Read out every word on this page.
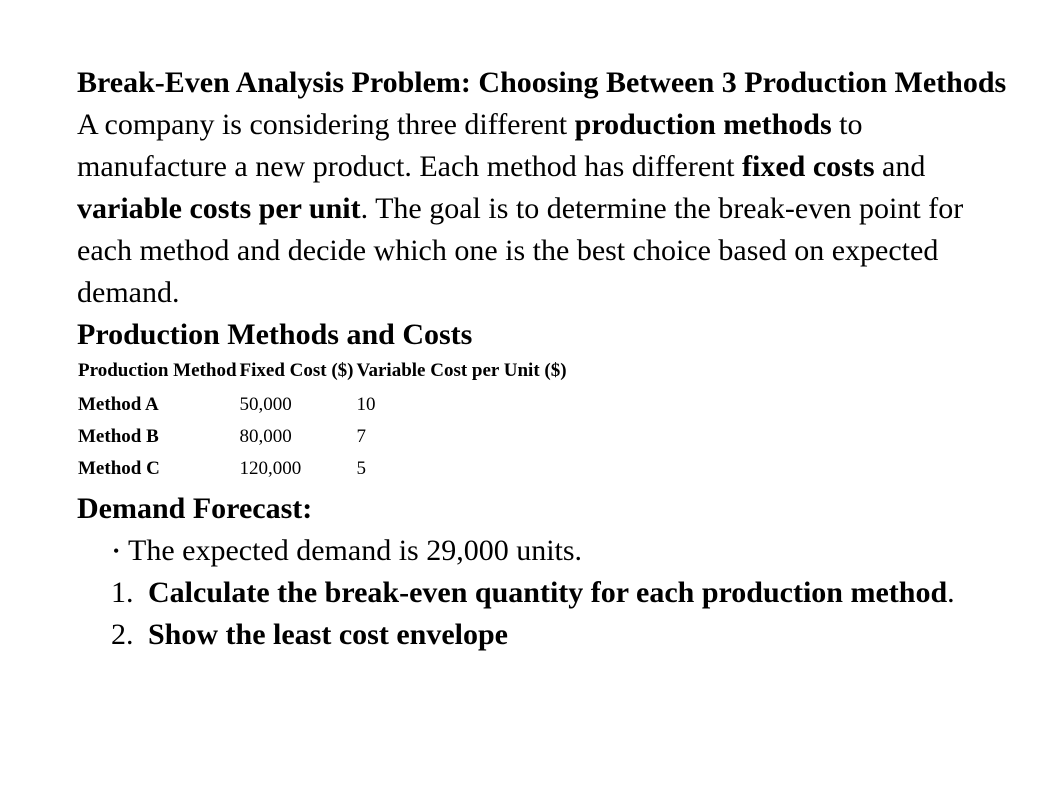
Break-Even Analysis Problem: Choosing Between 3 Production Methods

A company is considering three different production methods to manufacture a new product. Each method has different fixed costs and variable costs per unit. The goal is to determine the break-even point for each method and decide which one is the best choice based on expected demand.

Production Methods and Costs
Production Method	Fixed Cost ($)	Variable Cost per Unit ($)
Method A	50,000	10
Method B	80,000	7
Method C	120,000	5
Demand Forecast:
• The expected demand is 29,000 units.
1. Calculate the break-even quantity for each production method.
2. Show the least cost envelope
